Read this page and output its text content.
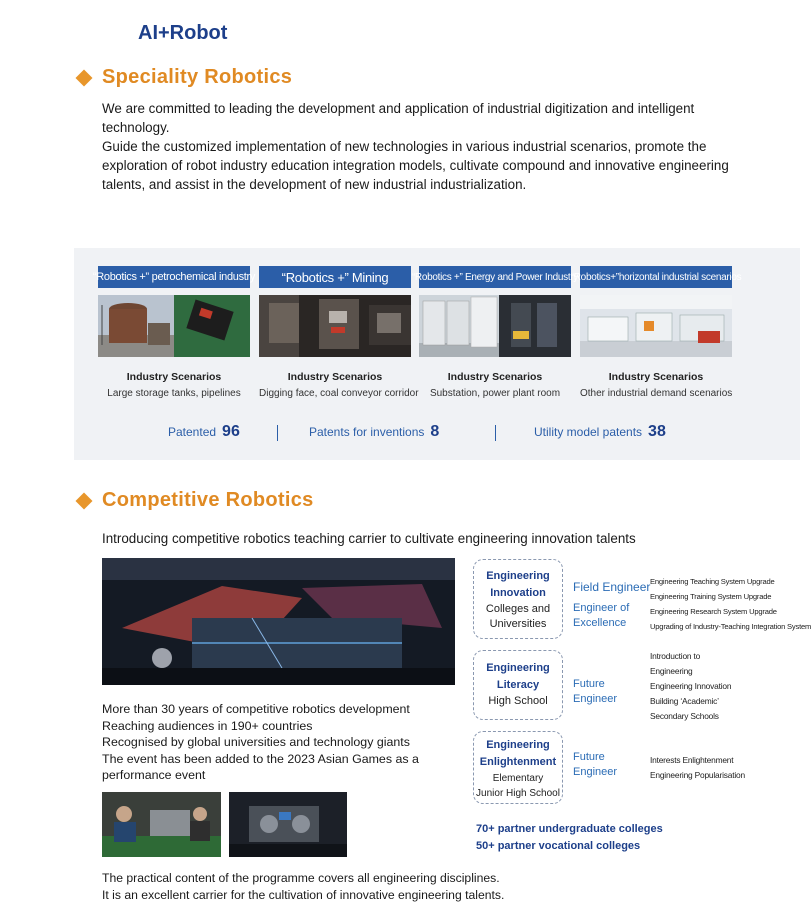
AI+Robot
Speciality Robotics
We are committed to leading the development and application of industrial digitization and intelligent technology.
Guide the customized implementation of new technologies in various industrial scenarios, promote the exploration of robot industry education integration models, cultivate compound and innovative engineering talents, and assist in the development of new industrial industrialization.
“Robotics +” petrochemical industry
Industry Scenarios
Large storage tanks, pipelines
“Robotics +” Mining
Industry Scenarios
Digging face, coal conveyor corridor
“Robotics +” Energy and Power Industry
Industry Scenarios
Substation, power plant room
“Robotics+”horizontal industrial scenarios
Industry Scenarios
Other industrial demand scenarios
Patented 96	Patents for inventions 8	Utility model patents 38
Competitive Robotics
Introducing competitive robotics teaching carrier to cultivate engineering innovation talents
More than 30 years of competitive robotics development
Reaching audiences in 190+ countries
Recognised by global universities and technology giants
The event has been added to the 2023 Asian Games as a performance event
Engineering
Innovation
Colleges and
Universities
Field Engineer
Engineer of
Excellence
Engineering Teaching System Upgrade
Engineering Training System Upgrade
Engineering Research System Upgrade
Upgrading of Industry-Teaching Integration System
Engineering
Literacy
High School
Future
Engineer
Introduction to
Engineering
Engineering Innovation
Building ‘Academic’
Secondary Schools
Engineering
Enlightenment
Elementary
Junior High School
Future
Engineer
Interests Enlightenment
Engineering Popularisation
70+ partner undergraduate colleges
50+ partner vocational colleges
The practical content of the programme covers all engineering disciplines.
It is an excellent carrier for the cultivation of innovative engineering talents.
